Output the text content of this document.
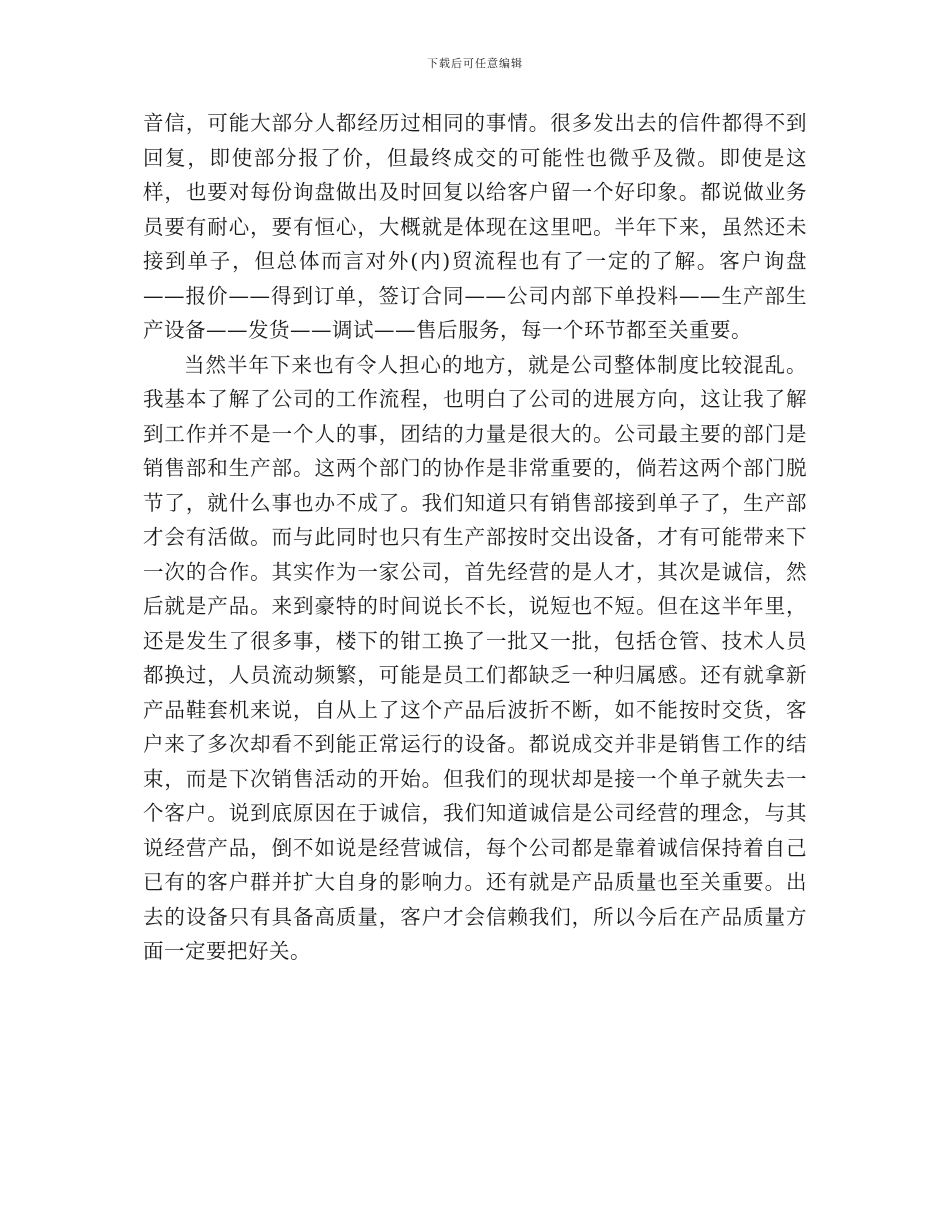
下载后可任意编辑

音信，可能大部分人都经历过相同的事情。很多发出去的信件都得不到回复，即使部分报了价，但最终成交的可能性也微乎及微。即使是这样，也要对每份询盘做出及时回复以给客户留一个好印象。都说做业务员要有耐心，要有恒心，大概就是体现在这里吧。半年下来，虽然还未接到单子，但总体而言对外(内)贸流程也有了一定的了解。客户询盘——报价——得到订单，签订合同——公司内部下单投料——生产部生产设备——发货——调试——售后服务，每一个环节都至关重要。

当然半年下来也有令人担心的地方，就是公司整体制度比较混乱。我基本了解了公司的工作流程，也明白了公司的进展方向，这让我了解到工作并不是一个人的事，团结的力量是很大的。公司最主要的部门是销售部和生产部。这两个部门的协作是非常重要的，倘若这两个部门脱节了，就什么事也办不成了。我们知道只有销售部接到单子了，生产部才会有活做。而与此同时也只有生产部按时交出设备，才有可能带来下一次的合作。其实作为一家公司，首先经营的是人才，其次是诚信，然后就是产品。来到豪特的时间说长不长，说短也不短。但在这半年里，还是发生了很多事，楼下的钳工换了一批又一批，包括仓管、技术人员都换过，人员流动频繁，可能是员工们都缺乏一种归属感。还有就拿新产品鞋套机来说，自从上了这个产品后波折不断，如不能按时交货，客户来了多次却看不到能正常运行的设备。都说成交并非是销售工作的结束，而是下次销售活动的开始。但我们的现状却是接一个单子就失去一个客户。说到底原因在于诚信，我们知道诚信是公司经营的理念，与其说经营产品，倒不如说是经营诚信，每个公司都是靠着诚信保持着自己已有的客户群并扩大自身的影响力。还有就是产品质量也至关重要。出去的设备只有具备高质量，客户才会信赖我们，所以今后在产品质量方面一定要把好关。
